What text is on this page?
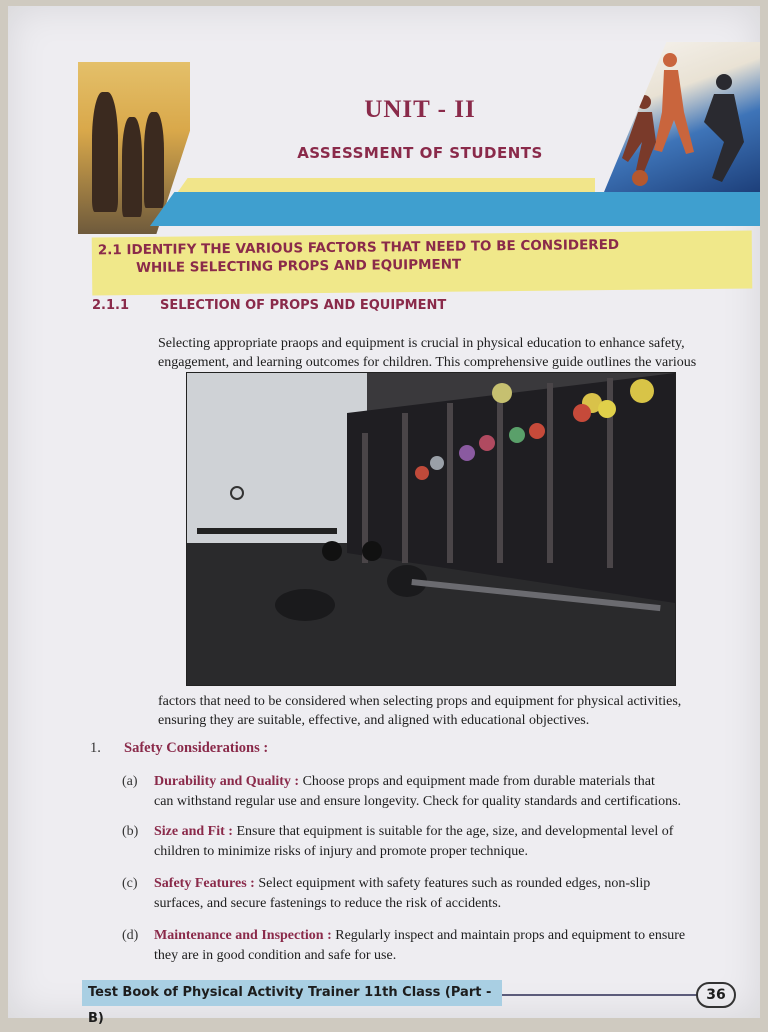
UNIT - II
ASSESSMENT OF STUDENTS
2.1 IDENTIFY THE VARIOUS FACTORS THAT NEED TO BE CONSIDERED
WHILE SELECTING PROPS AND EQUIPMENT

2.1.1 SELECTION OF PROPS AND EQUIPMENT

Selecting appropriate praops and equipment is crucial in physical education to enhance safety,

engagement, and learning outcomes for children. This comprehensive guide outlines the various

factors that need to be considered when selecting props and equipment for physical activities,

ensuring they are suitable, effective, and aligned with educational objectives.

1. Safety Considerations :

(a) Durability and Quality : Choose props and equipment made from durable materials that
can withstand regular use and ensure longevity. Check for quality standards and certifications.
(b) Size and Fit : Ensure that equipment is suitable for the age, size, and developmental level of
children to minimize risks of injury and promote proper technique.
(c) Safety Features : Select equipment with safety features such as rounded edges, non-slip
surfaces, and secure fastenings to reduce the risk of accidents.
(d) Maintenance and Inspection : Regularly inspect and maintain props and equipment to ensure
they are in good condition and safe for use.
Test Book of Physical Activity Trainer 11th Class (Part - B)
36
